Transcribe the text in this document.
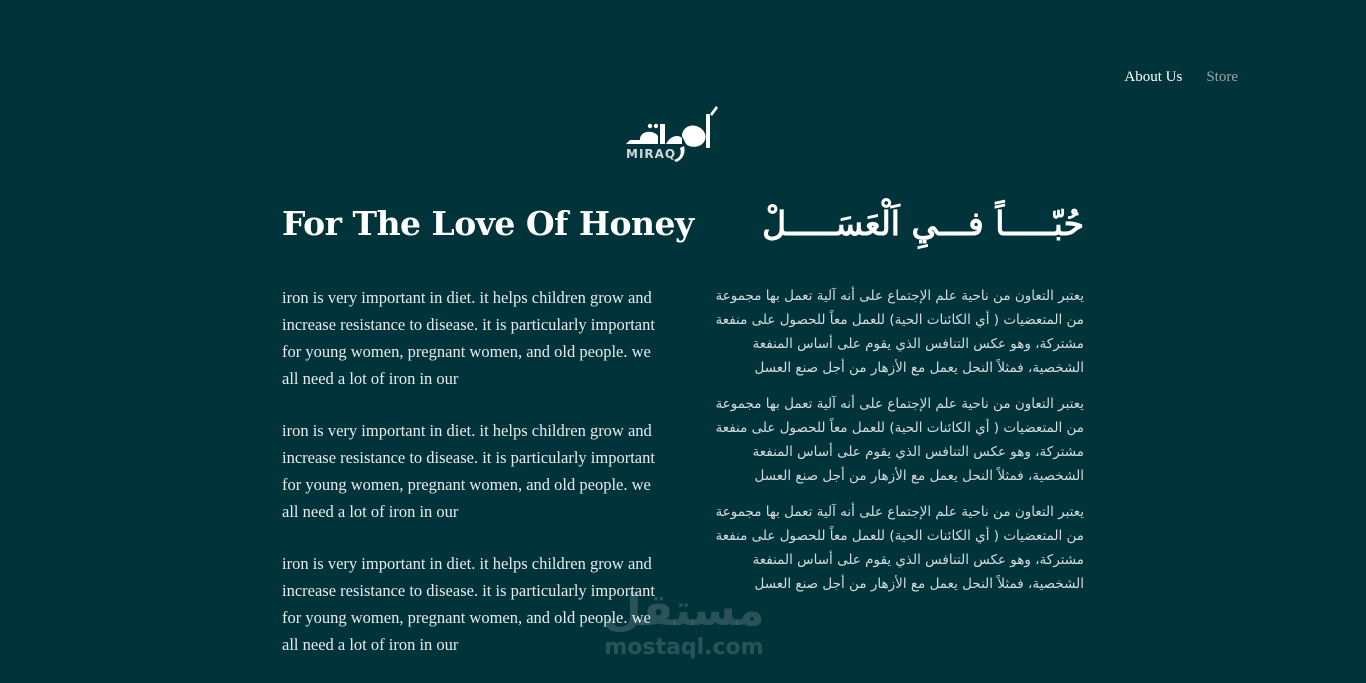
About Us Store
MIRAQ
For The Love Of Honey حُبّـــــاً فـــيِ اَلْعَسَـــــلْ

iron is very important in diet. it helps children grow and increase resistance to disease. it is particularly important for young women, pregnant women, and old people. we all need a lot of iron in our

iron is very important in diet. it helps children grow and increase resistance to disease. it is particularly important for young women, pregnant women, and old people. we all need a lot of iron in our

iron is very important in diet. it helps children grow and increase resistance to disease. it is particularly important for young women, pregnant women, and old people. we all need a lot of iron in our

يعتبر التعاون من ناحية علم الإجتماع على أنه آلية تعمل بها مجموعة من المتعضيات ( أي الكائنات الحية) للعمل معاً للحصول على منفعة مشتركة، وهو عكس التنافس الذي يقوم على أساس المنفعة الشخصية، فمثلاً النحل يعمل مع الأزهار من أجل صنع العسل

يعتبر التعاون من ناحية علم الإجتماع على أنه آلية تعمل بها مجموعة من المتعضيات ( أي الكائنات الحية) للعمل معاً للحصول على منفعة مشتركة، وهو عكس التنافس الذي يقوم على أساس المنفعة الشخصية، فمثلاً النحل يعمل مع الأزهار من أجل صنع العسل

يعتبر التعاون من ناحية علم الإجتماع على أنه آلية تعمل بها مجموعة من المتعضيات ( أي الكائنات الحية) للعمل معاً للحصول على منفعة مشتركة، وهو عكس التنافس الذي يقوم على أساس المنفعة الشخصية، فمثلاً النحل يعمل مع الأزهار من أجل صنع العسل

مستقل
mostaql.com
